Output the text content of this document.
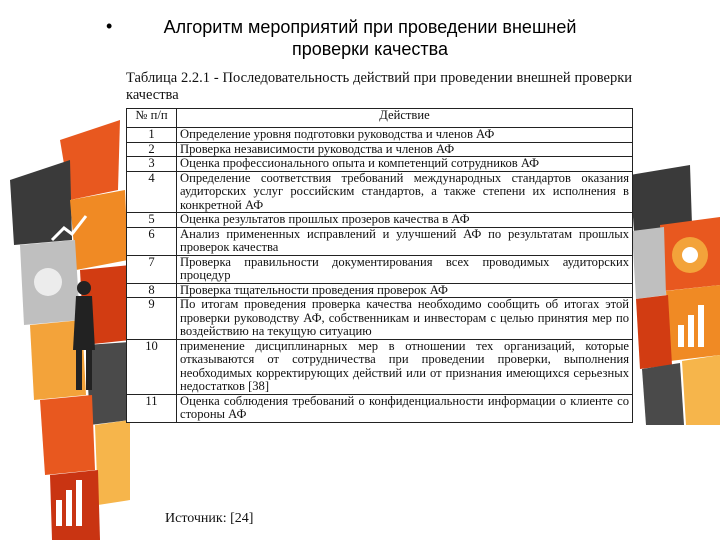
•	Алгоритм мероприятий при проведении внешней проверки качества
Таблица 2.2.1 - Последовательность действий при проведении внешней проверки качества
№ п/п	Действие
1	Определение уровня подготовки руководства и членов АФ
2	Проверка независимости руководства и членов АФ
3	Оценка профессионального опыта и компетенций сотрудников АФ
4	Определение соответствия требований международных стандартов оказания аудиторских услуг российским стандартов, а также степени их исполнения в конкретной АФ
5	Оценка результатов прошлых прозеров качества в АФ
6	Анализ примененных исправлений и улучшений АФ по результатам прошлых проверок качества
7	Проверка правильности документирования всех проводимых аудиторских процедур
8	Проверка тщательности проведения проверок АФ
9	По итогам проведения проверка качества необходимо сообщить об итогах этой проверки руководству АФ, собственникам и инвесторам с целью принятия мер по воздействию на текущую ситуацию
10	применение дисциплинарных мер в отношении тех организаций, которые отказываются от сотрудничества при проведении проверки, выполнения необходимых корректирующих действий или от признания имеющихся серьезных недостатков [38]
11	Оценка соблюдения требований о конфиденциальности информации о клиенте со стороны АФ
Источник: [24]
